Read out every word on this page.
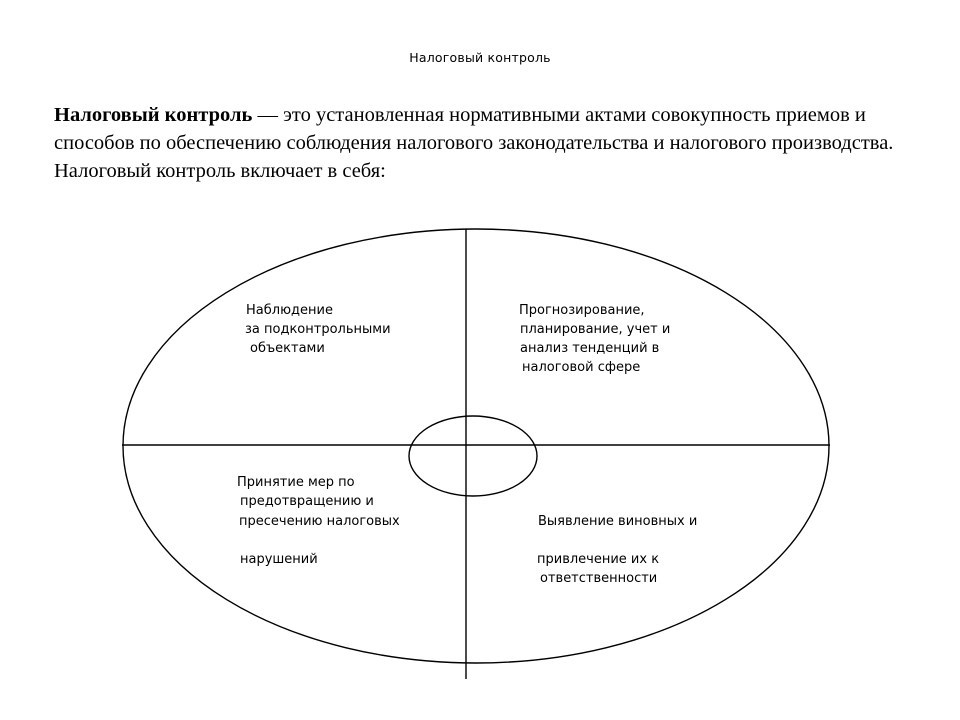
Налоговый контроль
Налоговый контроль — это установленная нормативными актами совокупность приемов и способов по обеспечению соблюдения налогового законодательства и налогового производства. Налоговый контроль включает в себя:
Наблюдение
за подконтрольными
объектами
Прогнозирование,
планирование, учет и
анализ тенденций в
налоговой сфере
Принятие мер по
предотвращению и
пресечению налоговых
нарушений
Выявление виновных и
привлечение их к
ответственности
